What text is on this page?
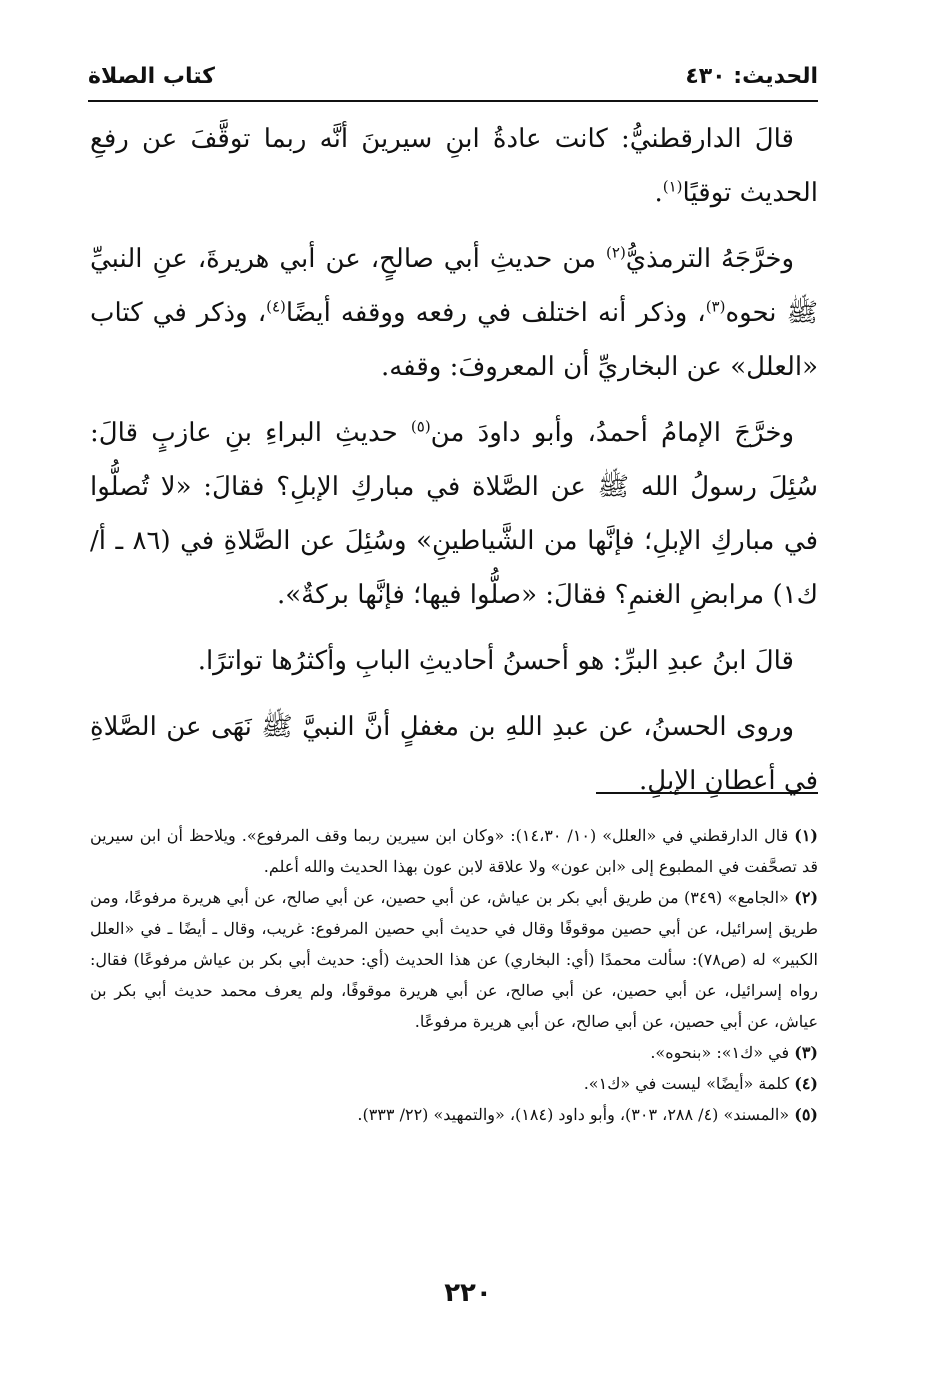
الحديث: ٤٣٠
كتاب الصلاة

قالَ الدارقطنيُّ: كانت عادةُ ابنِ سيرينَ أنَّه ربما توقَّفَ عن رفعِ الحديث توقيًا$^{(١)}$.

وخرَّجَهُ الترمذيُّ$^{(٢)}$ من حديثِ أبي صالحٍ، عن أبي هريرةَ، عنِ النبيِّ ﷺ نحوه$^{(٣)}$، وذكر أنه اختلف في رفعه ووقفه أيضًا$^{(٤)}$، وذكر في كتاب «العلل» عن البخاريِّ أن المعروفَ: وقفه.

وخرَّجَ الإمامُ أحمدُ، وأبو داودَ من$^{(٥)}$ حديثِ البراءِ بنِ عازبٍ قالَ: سُئِلَ رسولُ الله ﷺ عن الصَّلاة في مباركِ الإبلِ؟ فقالَ: «لا تُصلُّوا في مباركِ الإبلِ؛ فإنَّها من الشَّياطينِ» وسُئِلَ عن الصَّلاةِ في (٨٦ ـ أ/ك١) مرابضِ الغنمِ؟ فقالَ: «صلُّوا فيها؛ فإنَّها بركةٌ».

قالَ ابنُ عبدِ البرِّ: هو أحسنُ أحاديثِ البابِ وأكثرُها تواترًا.

وروى الحسنُ، عن عبدِ اللهِ بن مغفلٍ أنَّ النبيَّ ﷺ نَهَى عن الصَّلاةِ في أعطانِ الإبلِ.

(١) قال الدارقطني في «العلل» (١٠/ ١٤،٣٠): «وكان ابن سيرين ربما وقف المرفوع». ويلاحظ أن ابن سيرين قد تصحَّفت في المطبوع إلى «ابن عون» ولا علاقة لابن عون بهذا الحديث والله أعلم.

(٢) «الجامع» (٣٤٩) من طريق أبي بكر بن عياش، عن أبي حصين، عن أبي صالح، عن أبي هريرة مرفوعًا، ومن طريق إسرائيل، عن أبي حصين موقوفًا وقال في حديث أبي حصين المرفوع: غريب، وقال ـ أيضًا ـ في «العلل الكبير» له (ص٧٨): سألت محمدًا (أي: البخاري) عن هذا الحديث (أي: حديث أبي بكر بن عياش مرفوعًا) فقال: رواه إسرائيل، عن أبي حصين، عن أبي صالح، عن أبي هريرة موقوفًا، ولم يعرف محمد حديث أبي بكر بن عياش، عن أبي حصين، عن أبي صالح، عن أبي هريرة مرفوعًا.

(٣) في «ك١»: «بنحوه».

(٤) كلمة «أيضًا» ليست في «ك١».

(٥) «المسند» (٤/ ٢٨٨، ٣٠٣)، وأبو داود (١٨٤)، «والتمهيد» (٢٢/ ٣٣٣).

٢٢٠
